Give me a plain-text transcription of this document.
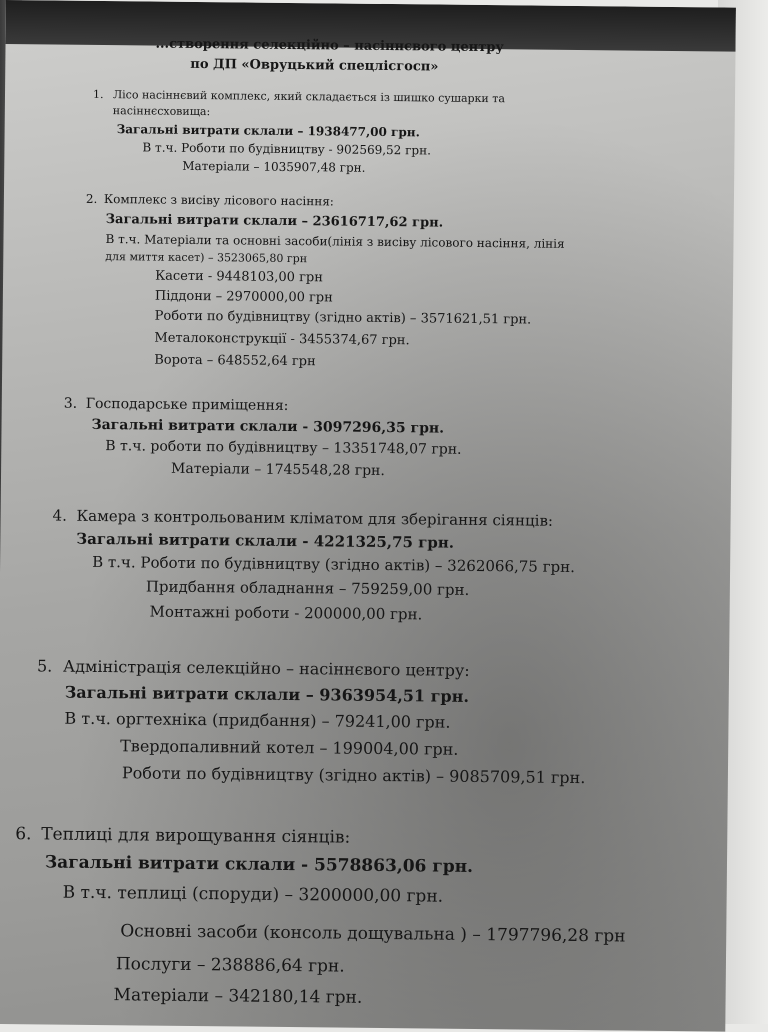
...створення селекційно – насіннєвого центру
по ДП «Овруцький спецлісгосп»
1. Лісо насіннєвий комплекс, який складається із шишко сушарки та
насіннєсховища:
Загальні витрати склали – 1938477,00 грн.
В т.ч. Роботи по будівництву - 902569,52 грн.
Матеріали – 1035907,48 грн.
2. Комплекс з висіву лісового насіння:
Загальні витрати склали – 23616717,62 грн.
В т.ч. Матеріали та основні засоби(лінія з висіву лісового насіння, лінія
для миття касет) – 3523065,80 грн
Касети - 9448103,00 грн
Піддони – 2970000,00 грн
Роботи по будівництву (згідно актів) – 3571621,51 грн.
Металоконструкції - 3455374,67 грн.
Ворота – 648552,64 грн
3. Господарське приміщення:
Загальні витрати склали - 3097296,35 грн.
В т.ч. роботи по будівництву – 13351748,07 грн.
Матеріали – 1745548,28 грн.
4. Камера з контрольованим кліматом для зберігання сіянців:
Загальні витрати склали - 4221325,75 грн.
В т.ч. Роботи по будівництву (згідно актів) – 3262066,75 грн.
Придбання обладнання – 759259,00 грн.
Монтажні роботи - 200000,00 грн.
5. Адміністрація селекційно – насіннєвого центру:
Загальні витрати склали – 9363954,51 грн.
В т.ч. оргтехніка (придбання) – 79241,00 грн.
Твердопаливний котел – 199004,00 грн.
Роботи по будівництву (згідно актів) – 9085709,51 грн.
6. Теплиці для вирощування сіянців:
Загальні витрати склали - 5578863,06 грн.
В т.ч. теплиці (споруди) – 3200000,00 грн.
Основні засоби (консоль дощувальна ) – 1797796,28 грн
Послуги – 238886,64 грн.
Матеріали – 342180,14 грн.
